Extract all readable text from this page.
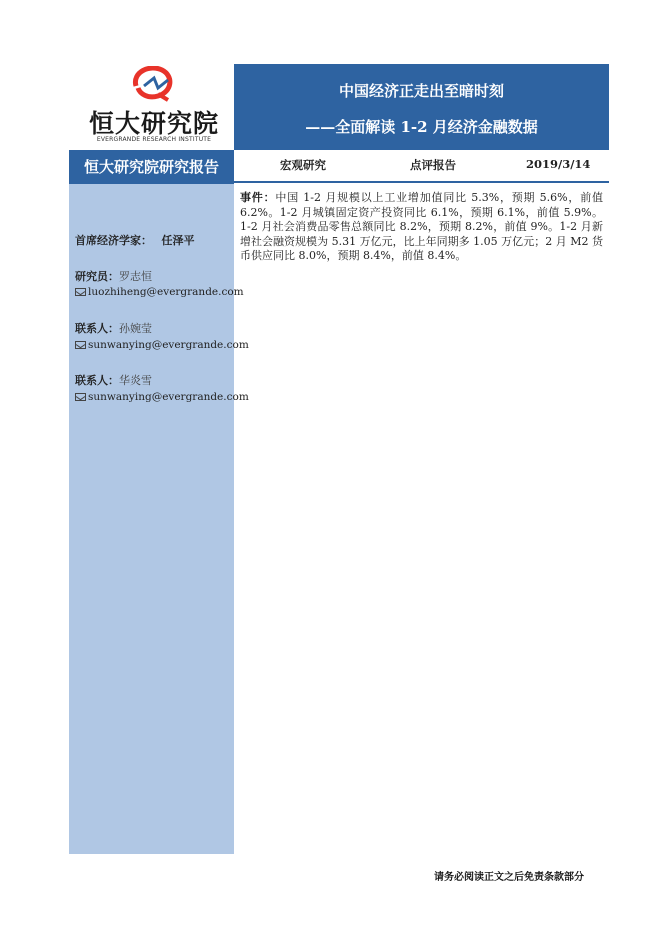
恒大研究院
EVERGRANDE RESEARCH INSTITUTE
中国经济正走出至暗时刻
——全面解读 1-2 月经济金融数据
恒大研究院研究报告
首席经济学家： 任泽平
研究员：罗志恒
luozhiheng@evergrande.com
联系人：孙婉莹
sunwanying@evergrande.com
联系人：华炎雪
sunwanying@evergrande.com
宏观研究	点评报告	2019/3/14
事件：中国 1-2 月规模以上工业增加值同比 5.3%，预期 5.6%，前值 6.2%。1-2 月城镇固定资产投资同比 6.1%，预期 6.1%，前值 5.9%。1-2 月社会消费品零售总额同比 8.2%，预期 8.2%，前值 9%。1-2 月新增社会融资规模为 5.31 万亿元，比上年同期多 1.05 万亿元；2 月 M2 货币供应同比 8.0%，预期 8.4%，前值 8.4%。
请务必阅读正文之后免责条款部分
